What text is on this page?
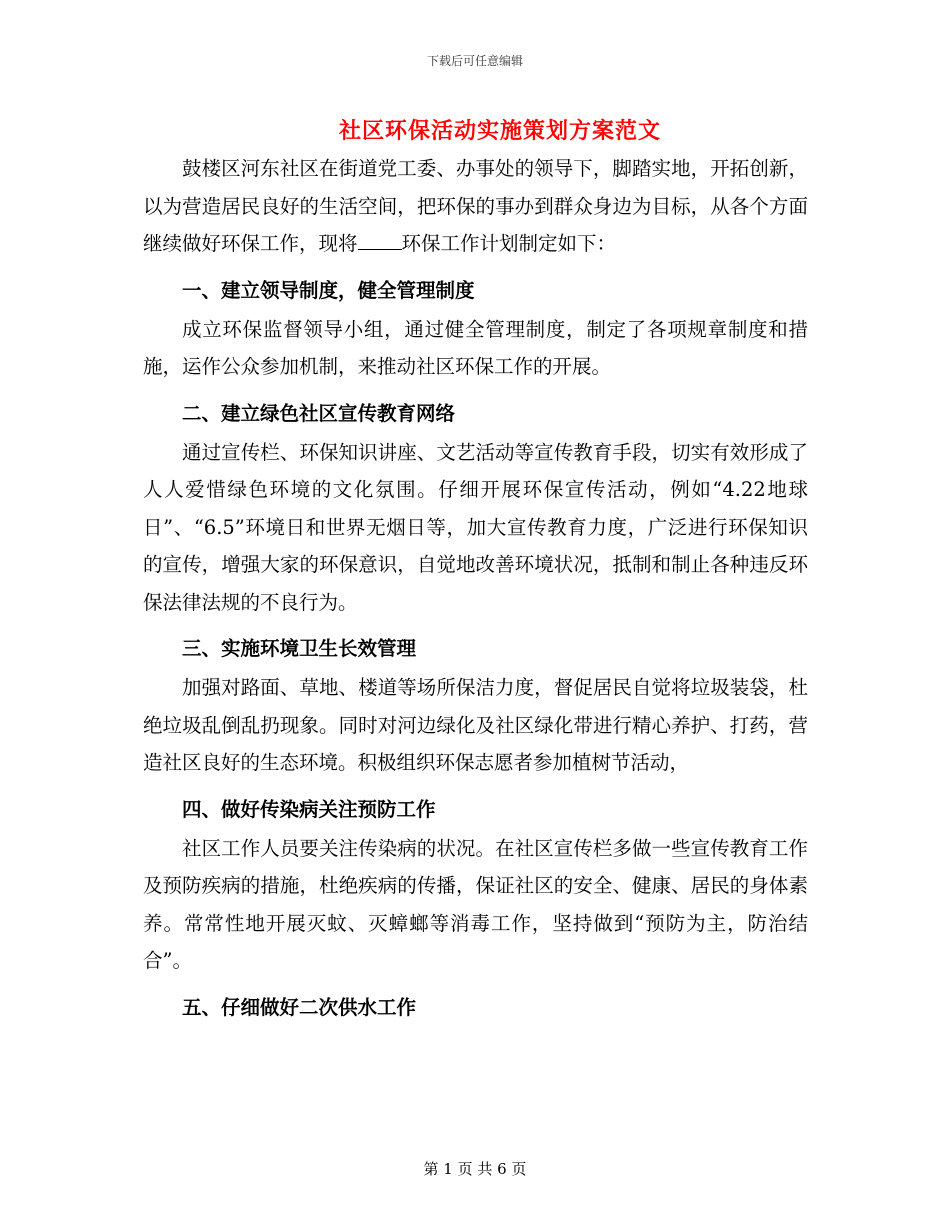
下载后可任意编辑
社区环保活动实施策划方案范文

鼓楼区河东社区在街道党工委、办事处的领导下，脚踏实地，开拓创新，以为营造居民良好的生活空间，把环保的事办到群众身边为目标，从各个方面继续做好环保工作，现将 环保工作计划制定如下：

一、建立领导制度，健全管理制度

成立环保监督领导小组，通过健全管理制度，制定了各项规章制度和措施，运作公众参加机制，来推动社区环保工作的开展。

二、建立绿色社区宣传教育网络

通过宣传栏、环保知识讲座、文艺活动等宣传教育手段，切实有效形成了人人爱惜绿色环境的文化氛围。仔细开展环保宣传活动，例如“4.22地球日”、“6.5”环境日和世界无烟日等，加大宣传教育力度，广泛进行环保知识的宣传，增强大家的环保意识，自觉地改善环境状况，抵制和制止各种违反环保法律法规的不良行为。

三、实施环境卫生长效管理

加强对路面、草地、楼道等场所保洁力度，督促居民自觉将垃圾装袋，杜绝垃圾乱倒乱扔现象。同时对河边绿化及社区绿化带进行精心养护、打药，营造社区良好的生态环境。积极组织环保志愿者参加植树节活动，

四、做好传染病关注预防工作

社区工作人员要关注传染病的状况。在社区宣传栏多做一些宣传教育工作及预防疾病的措施，杜绝疾病的传播，保证社区的安全、健康、居民的身体素养。常常性地开展灭蚊、灭蟑螂等消毒工作，坚持做到“预防为主，防治结合”。

五、仔细做好二次供水工作
第 1 页 共 6 页
